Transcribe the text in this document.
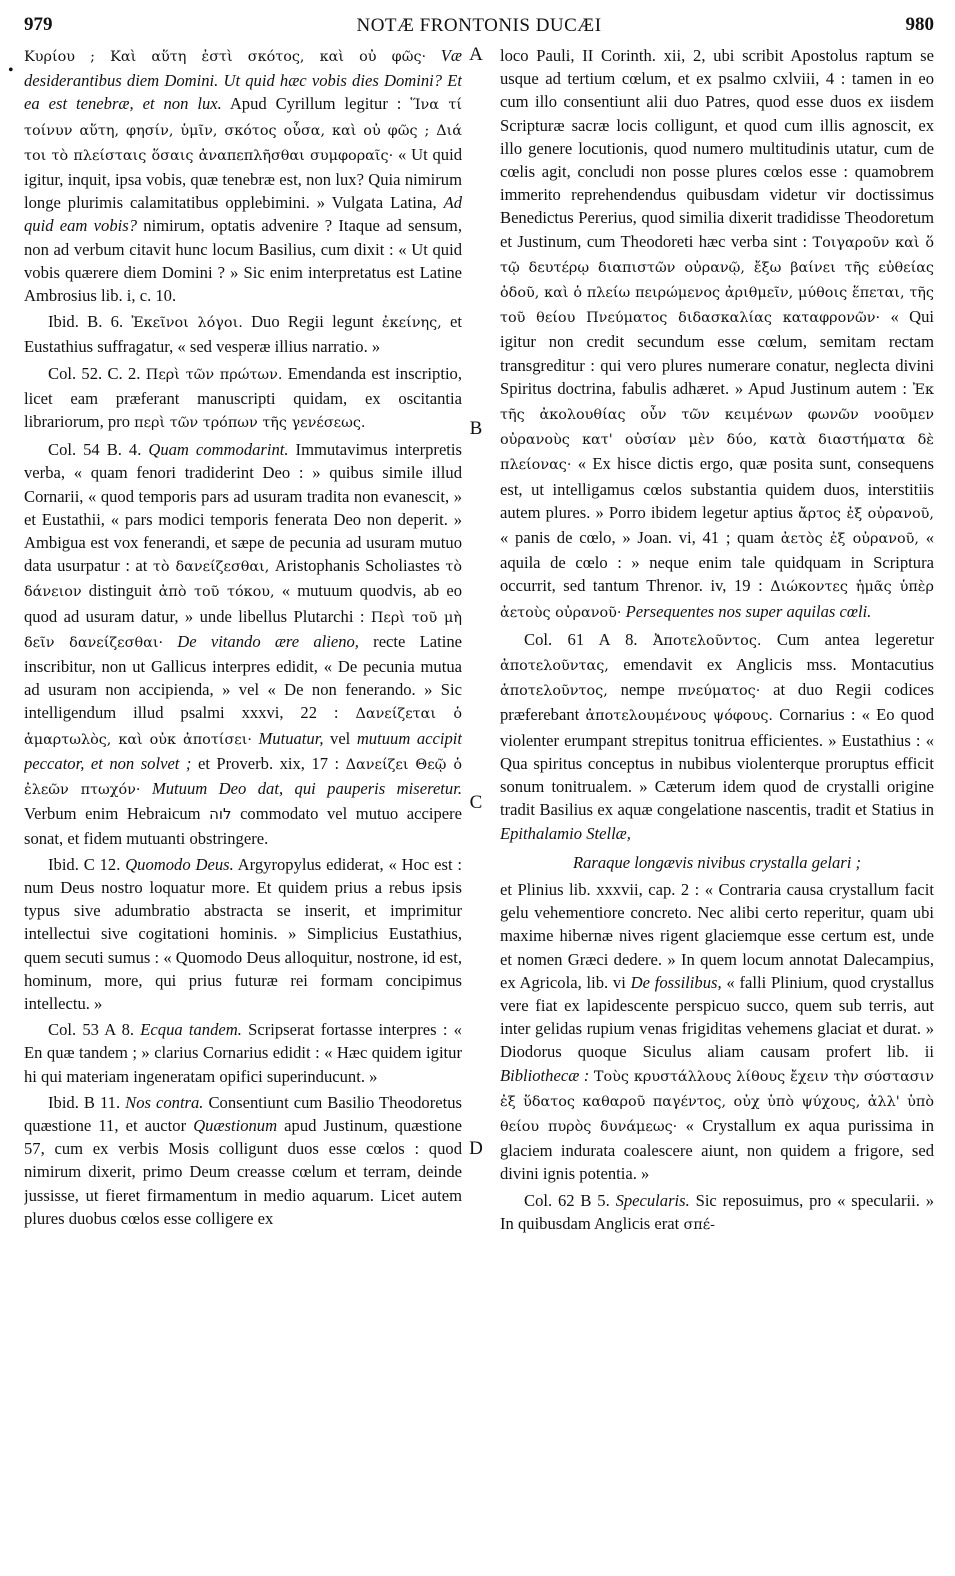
979	NOTÆ FRONTONIS DUCÆI	980
•

Κυρίου ; Καὶ αὕτη ἐστὶ σκότος, καὶ οὐ φῶς· Væ desiderantibus diem Domini. Ut quid hæc vobis dies Domini? Et ea est tenebræ, et non lux. Apud Cyrillum legitur : Ἵνα τί τοίνυν αὕτη, φησίν, ὑμῖν, σκότος οὖσα, καὶ οὐ φῶς ; Διά τοι τὸ πλείσταις ὅσαις ἀναπεπλῆσθαι συμφοραῖς· « Ut quid igitur, inquit, ipsa vobis, quæ tenebræ est, non lux? Quia nimirum longe plurimis calamitatibus opplebimini. » Vulgata Latina, Ad quid eam vobis? nimirum, optatis advenire ? Itaque ad sensum, non ad verbum citavit hunc locum Basilius, cum dixit : « Ut quid vobis quærere diem Domini ? » Sic enim interpretatus est Latine Ambrosius lib. i, c. 10.

Ibid. B. 6. Ἐκεῖνοι λόγοι. Duo Regii legunt ἐκείνης, et Eustathius suffragatur, « sed vesperæ illius narratio. »

Col. 52. C. 2. Περὶ τῶν πρώτων. Emendanda est inscriptio, licet eam præferant manuscripti quidam, ex oscitantia librariorum, pro περὶ τῶν τρόπων τῆς γενέσεως.

Col. 54 B. 4. Quam commodarint. Immutavimus interpretis verba, « quam fenori tradiderint Deo : » quibus simile illud Cornarii, « quod temporis pars ad usuram tradita non evanescit, » et Eustathii, « pars modici temporis fenerata Deo non deperit. » Ambigua est vox fenerandi, et sæpe de pecunia ad usuram mutuo data usurpatur : at τὸ δανείζεσθαι, Aristophanis Scholiastes τὸ δάνειον distinguit ἀπὸ τοῦ τόκου, « mutuum quodvis, ab eo quod ad usuram datur, » unde libellus Plutarchi : Περὶ τοῦ μὴ δεῖν δανείζεσθαι· De vitando ære alieno, recte Latine inscribitur, non ut Gallicus interpres edidit, « De pecunia mutua ad usuram non accipienda, » vel « De non fenerando. » Sic intelligendum illud psalmi xxxvi, 22 : Δανείζεται ὁ ἁμαρτωλὸς, καὶ οὐκ ἀποτίσει· Mutuatur, vel mutuum accipit peccator, et non solvet ; et Proverb. xix, 17 : Δανείζει Θεῷ ὁ ἐλεῶν πτωχόν· Mutuum Deo dat, qui pauperis miseretur. Verbum enim Hebraicum לוה commodato vel mutuo accipere sonat, et fidem mutuanti obstringere.

Ibid. C 12. Quomodo Deus. Argyropylus ediderat, « Hoc est : num Deus nostro loquatur more. Et quidem prius a rebus ipsis typus sive adumbratio abstracta se inserit, et imprimitur intellectui sive cogitationi hominis. » Simplicius Eustathius, quem secuti sumus : « Quomodo Deus alloquitur, nostrone, id est, hominum, more, qui prius futuræ rei formam concipimus intellectu. »

Col. 53 A 8. Ecqua tandem. Scripserat fortasse interpres : « En quæ tandem ; » clarius Cornarius edidit : « Hæc quidem igitur hi qui materiam ingeneratam opifici superinducunt. »

Ibid. B 11. Nos contra. Consentiunt cum Basilio Theodoretus quæstione 11, et auctor Quæstionum apud Justinum, quæstione 57, cum ex verbis Mosis colligunt duos esse cœlos : quod nimirum dixerit, primo Deum creasse cœlum et terram, deinde jussisse, ut fieret firmamentum in medio aquarum. Licet autem plures duobus cœlos esse colligere ex

A
B
C
D

loco Pauli, II Corinth. xii, 2, ubi scribit Apostolus raptum se usque ad tertium cœlum, et ex psalmo cxlviii, 4 : tamen in eo cum illo consentiunt alii duo Patres, quod esse duos ex iisdem Scripturæ sacræ locis colligunt, et quod cum illis agnoscit, ex illo genere locutionis, quod numero multitudinis utatur, cum de cœlis agit, concludi non posse plures cœlos esse : quamobrem immerito reprehendendus quibusdam videtur vir doctissimus Benedictus Pererius, quod similia dixerit tradidisse Theodoretum et Justinum, cum Theodoreti hæc verba sint : Τοιγαροῦν καὶ ὅ τῷ δευτέρῳ διαπιστῶν οὐρανῷ, ἔξω βαίνει τῆς εὐθείας ὁδοῦ, καὶ ὁ πλείω πειρώμενος ἀριθμεῖν, μύθοις ἕπεται, τῆς τοῦ θείου Πνεύματος διδασκαλίας καταφρονῶν· « Qui igitur non credit secundum esse cœlum, semitam rectam transgreditur : qui vero plures numerare conatur, neglecta divini Spiritus doctrina, fabulis adhæret. » Apud Justinum autem : Ἐκ τῆς ἀκολουθίας οὖν τῶν κειμένων φωνῶν νοοῦμεν οὐρανοὺς κατ' οὐσίαν μὲν δύο, κατὰ διαστήματα δὲ πλείονας· « Ex hisce dictis ergo, quæ posita sunt, consequens est, ut intelligamus cœlos substantia quidem duos, interstitiis autem plures. » Porro ibidem legetur aptius ἄρτος ἐξ οὐρανοῦ, « panis de cœlo, » Joan. vi, 41 ; quam ἀετὸς ἐξ οὐρανοῦ, « aquila de cœlo : » neque enim tale quidquam in Scriptura occurrit, sed tantum Threnor. iv, 19 : Διώκοντες ἡμᾶς ὑπὲρ ἀετοὺς οὐρανοῦ· Persequentes nos super aquilas cœli.

Col. 61 A 8. Ἀποτελοῦντος. Cum antea legeretur ἀποτελοῦντας, emendavit ex Anglicis mss. Montacutius ἀποτελοῦντος, nempe πνεύματος· at duo Regii codices præferebant ἀποτελουμένους ψόφους. Cornarius : « Eo quod violenter erumpant strepitus tonitrua efficientes. » Eustathius : « Qua spiritus conceptus in nubibus violenterque proruptus efficit sonum tonitrualem. » Cæterum idem quod de crystalli origine tradit Basilius ex aquæ congelatione nascentis, tradit et Statius in Epithalamio Stellæ,

Raraque longævis nivibus crystalla gelari ;

et Plinius lib. xxxvii, cap. 2 : « Contraria causa crystallum facit gelu vehementiore concreto. Nec alibi certo reperitur, quam ubi maxime hibernæ nives rigent glaciemque esse certum est, unde et nomen Græci dedere. » In quem locum annotat Dalecampius, ex Agricola, lib. vi De fossilibus, « falli Plinium, quod crystallus vere fiat ex lapidescente perspicuo succo, quem sub terris, aut inter gelidas rupium venas frigiditas vehemens glaciat et durat. » Diodorus quoque Siculus aliam causam profert lib. ii Bibliothecæ : Τοὺς κρυστάλλους λίθους ἔχειν τὴν σύστασιν ἐξ ὕδατος καθαροῦ παγέντος, οὐχ ὑπὸ ψύχους, ἀλλ' ὑπὸ θείου πυρὸς δυνάμεως· « Crystallum ex aqua purissima in glaciem indurata coalescere aiunt, non quidem a frigore, sed divini ignis potentia. »

Col. 62 B 5. Specularis. Sic reposuimus, pro « specularii. » In quibusdam Anglicis erat σπέ-
